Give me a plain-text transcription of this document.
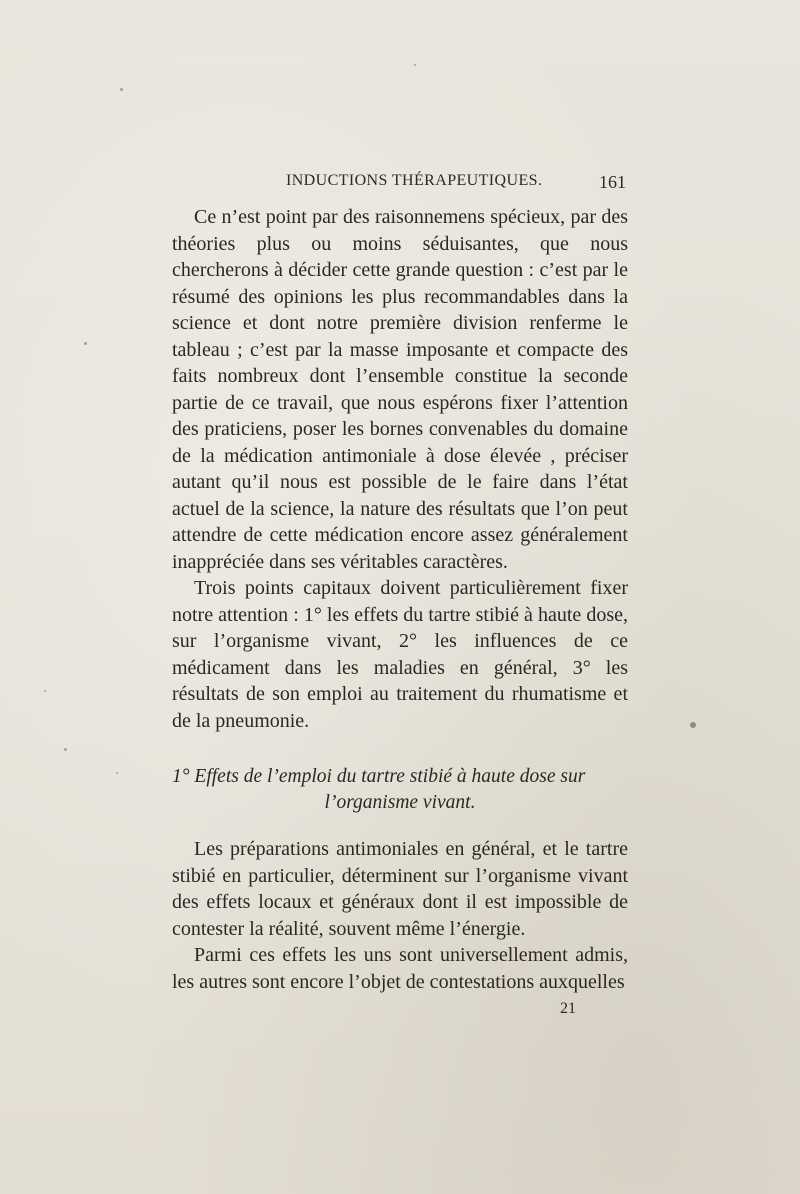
INDUCTIONS THÉRAPEUTIQUES.	161

Ce n’est point par des raisonnemens spécieux, par des théories plus ou moins séduisantes, que nous chercherons à décider cette grande question : c’est par le résumé des opinions les plus recommandables dans la science et dont notre première division renferme le tableau ; c’est par la masse imposante et compacte des faits nombreux dont l’ensemble constitue la seconde partie de ce travail, que nous espérons fixer l’attention des praticiens, poser les bornes convenables du domaine de la médication antimoniale à dose élevée , préciser autant qu’il nous est possible de le faire dans l’état actuel de la science, la nature des résultats que l’on peut attendre de cette médication encore assez généralement inappréciée dans ses véritables caractères.

Trois points capitaux doivent particulièrement fixer notre attention : 1° les effets du tartre stibié à haute dose, sur l’organisme vivant, 2° les influences de ce médicament dans les maladies en général, 3° les résultats de son emploi au traitement du rhumatisme et de la pneumonie.

1° Effets de l’emploi du tartre stibié à haute dose sur
l’organisme vivant.

Les préparations antimoniales en général, et le tartre stibié en particulier, déterminent sur l’organisme vivant des effets locaux et généraux dont il est impossible de contester la réalité, souvent même l’énergie.

Parmi ces effets les uns sont universellement admis, les autres sont encore l’objet de contestations auxquelles

21
